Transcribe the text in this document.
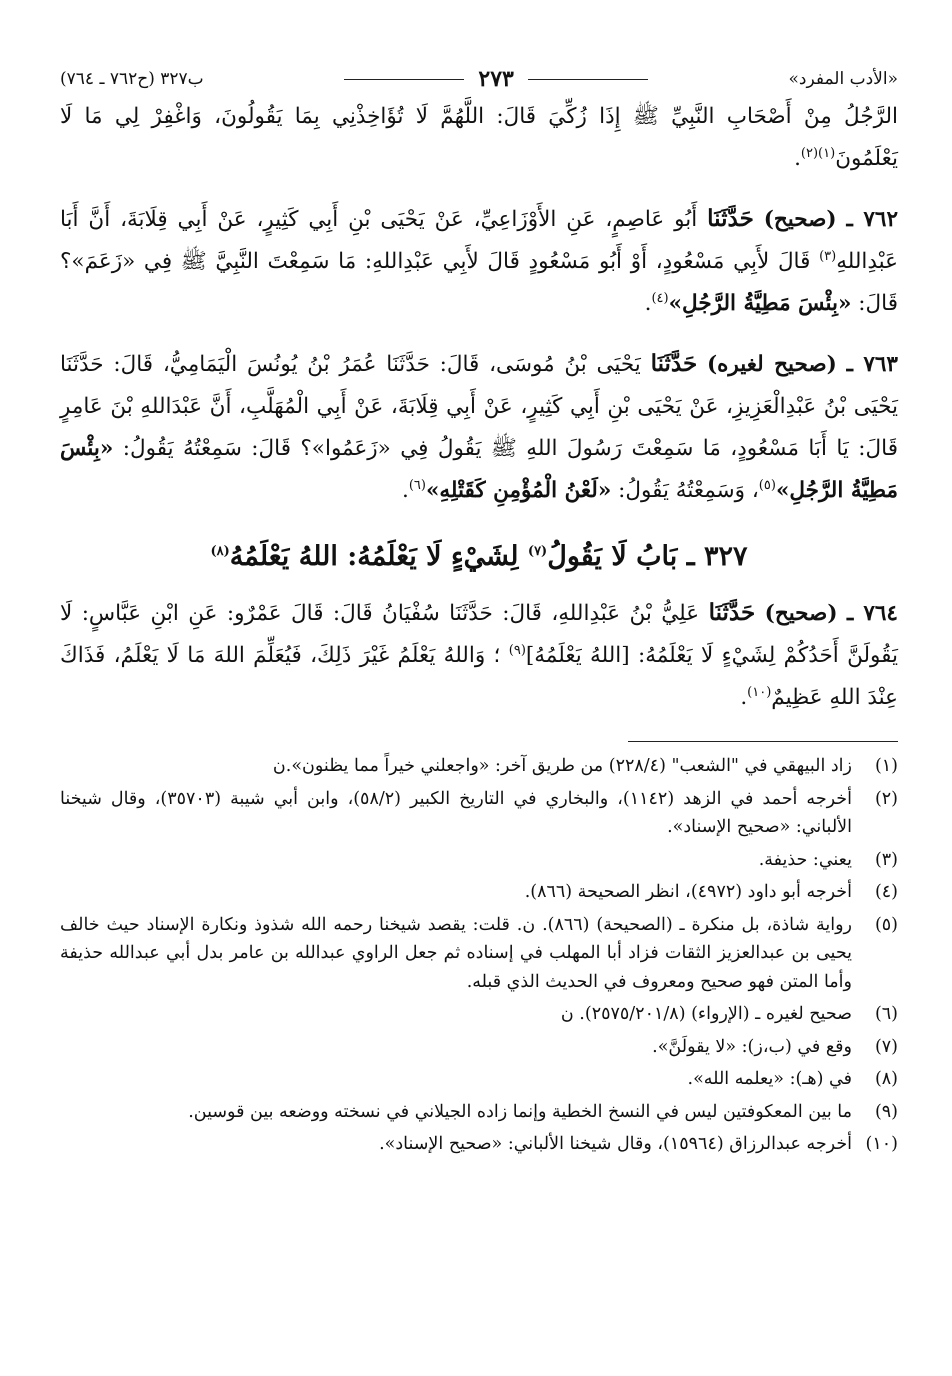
«الأدب المفرد»
٢٧٣
ب٣٢٧ (ح٧٦٢ ـ ٧٦٤)

الرَّجُلُ مِنْ أَصْحَابِ النَّبِيِّ ﷺ إِذَا زُكِّيَ قَالَ: اللَّهُمَّ لَا تُؤَاخِذْنِي بِمَا يَقُولُونَ، وَاغْفِرْ لِي مَا لَا يَعْلَمُونَ$^{(١)(٢)}$.

٧٦٢ ـ (صحيح) حَدَّثَنَا أَبُو عَاصِمٍ، عَنِ الأَوْزَاعِيِّ، عَنْ يَحْيَى بْنِ أَبِي كَثِيرٍ، عَنْ أَبِي قِلَابَةَ، أَنَّ أَبَا عَبْدِاللهِ$^{(٣)}$ قَالَ لأَبِي مَسْعُودٍ، أَوْ أَبُو مَسْعُودٍ قَالَ لأَبِي عَبْدِاللهِ: مَا سَمِعْتَ النَّبِيَّ ﷺ فِي «زَعَمَ»؟ قَالَ: «بِئْسَ مَطِيَّةُ الرَّجُلِ»$^{(٤)}$.

٧٦٣ ـ (صحيح لغيره) حَدَّثَنَا يَحْيَى بْنُ مُوسَى، قَالَ: حَدَّثَنَا عُمَرُ بْنُ يُونُسَ الْيَمَامِيُّ، قَالَ: حَدَّثَنَا يَحْيَى بْنُ عَبْدِالْعَزِيزِ، عَنْ يَحْيَى بْنِ أَبِي كَثِيرٍ، عَنْ أَبِي قِلَابَةَ، عَنْ أَبِي الْمُهَلَّبِ، أَنَّ عَبْدَاللهِ بْنَ عَامِرٍ قَالَ: يَا أَبَا مَسْعُودٍ، مَا سَمِعْتَ رَسُولَ اللهِ ﷺ يَقُولُ فِي «زَعَمُوا»؟ قَالَ: سَمِعْتُهُ يَقُولُ: «بِئْسَ مَطِيَّةُ الرَّجُلِ»$^{(٥)}$، وَسَمِعْتُهُ يَقُولُ: «لَعْنُ الْمُؤْمِنِ كَقَتْلِهِ»$^{(٦)}$.

٣٢٧ ـ بَابُ لَا يَقُولُ$^{(٧)}$ لِشَيْءٍ لَا يَعْلَمُهُ: اللهُ يَعْلَمُهُ$^{(٨)}$

٧٦٤ ـ (صحيح) حَدَّثَنَا عَلِيُّ بْنُ عَبْدِاللهِ، قَالَ: حَدَّثَنَا سُفْيَانُ قَالَ: قَالَ عَمْرٌو: عَنِ ابْنِ عَبَّاسٍ: لَا يَقُولَنَّ أَحَدُكُمْ لِشَيْءٍ لَا يَعْلَمُهُ: [اللهُ يَعْلَمُهُ]$^{(٩)}$ ؛ وَاللهُ يَعْلَمُ غَيْرَ ذَلِكَ، فَيُعَلِّمَ اللهَ مَا لَا يَعْلَمُ، فَذَاكَ عِنْدَ اللهِ عَظِيمٌ$^{(١٠)}$.

(١)
زاد البيهقي في "الشعب" (٢٢٨/٤) من طريق آخر: «واجعلني خيراً مما يظنون».ن
(٢)
أخرجه أحمد في الزهد (١١٤٢)، والبخاري في التاريخ الكبير (٥٨/٢)، وابن أبي شيبة (٣٥٧٠٣)، وقال شيخنا الألباني: «صحيح الإسناد».
(٣)
يعني: حذيفة.
(٤)
أخرجه أبو داود (٤٩٧٢)، انظر الصحيحة (٨٦٦).
(٥)
رواية شاذة، بل منكرة ـ (الصحيحة) (٨٦٦). ن. قلت: يقصد شيخنا رحمه الله شذوذ ونكارة الإسناد حيث خالف يحيى بن عبدالعزيز الثقات فزاد أبا المهلب في إسناده ثم جعل الراوي عبدالله بن عامر بدل أبي عبدالله حذيفة وأما المتن فهو صحيح ومعروف في الحديث الذي قبله.
(٦)
صحيح لغيره ـ (الإرواء) (٢٥٧٥/٢٠١/٨). ن
(٧)
وقع في (ب،ز): «لا يقولَنَّ».
(٨)
في (هـ): «يعلمه الله».
(٩)
ما بين المعكوفتين ليس في النسخ الخطية وإنما زاده الجيلاني في نسخته ووضعه بين قوسين.
(١٠)
أخرجه عبدالرزاق (١٥٩٦٤)، وقال شيخنا الألباني: «صحيح الإسناد».
